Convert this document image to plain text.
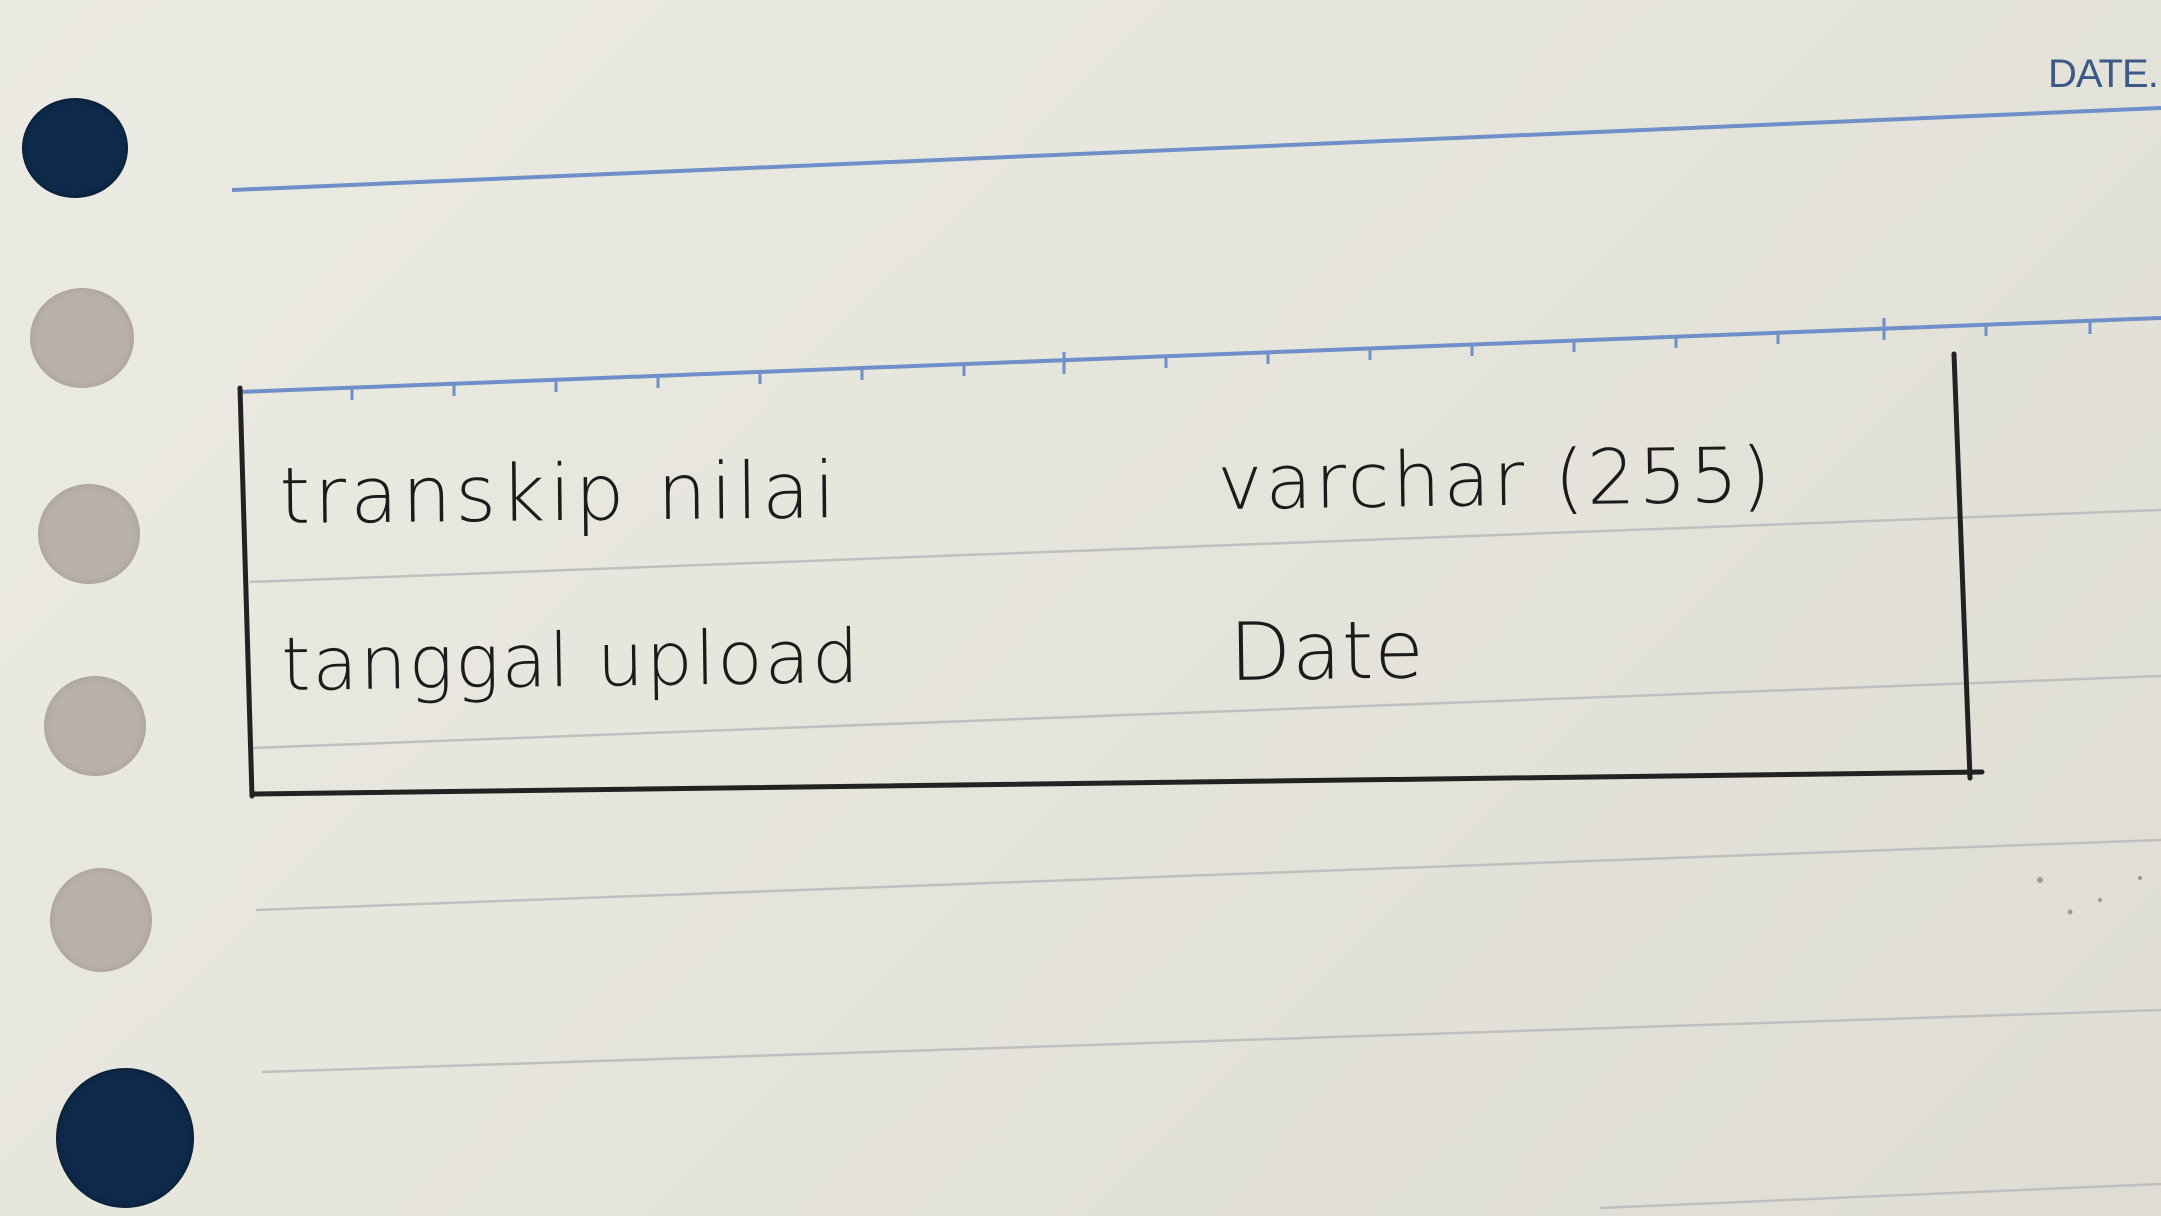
DATE.
transkip nilai	varchar (255)
tanggal upload	Date
